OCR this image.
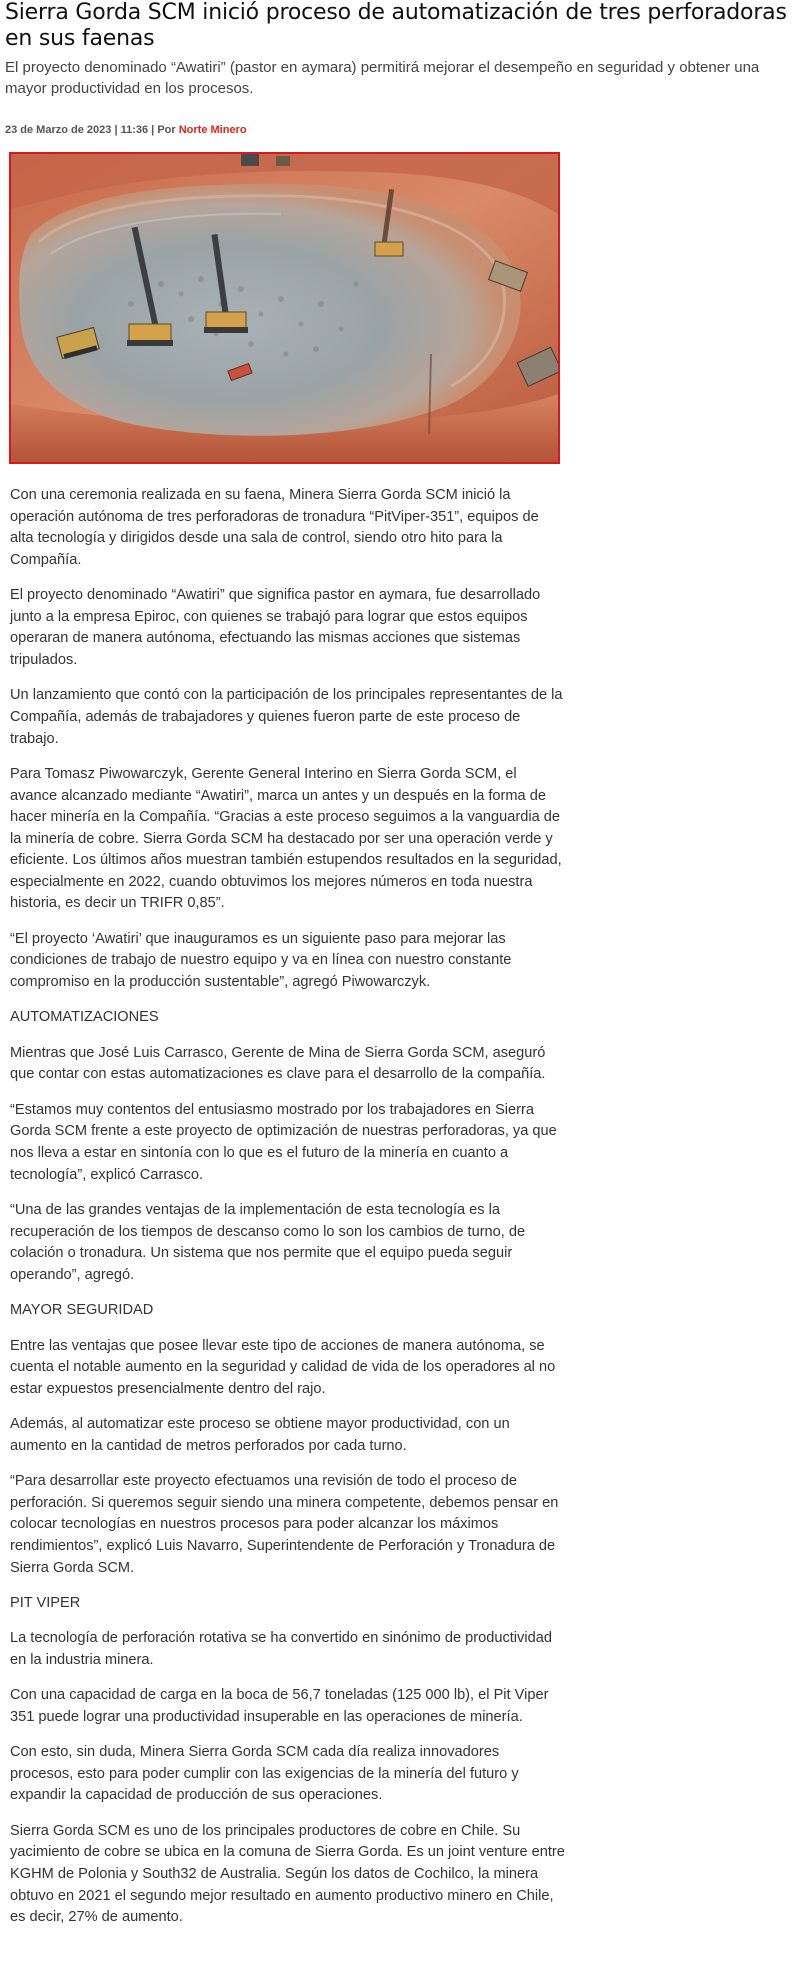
Sierra Gorda SCM inició proceso de automatización de tres perforadoras en sus faenas
El proyecto denominado “Awatiri” (pastor en aymara) permitirá mejorar el desempeño en seguridad y obtener una mayor productividad en los procesos.
23 de Marzo de 2023 | 11:36 | Por Norte Minero

Con una ceremonia realizada en su faena, Minera Sierra Gorda SCM inició la operación autónoma de tres perforadoras de tronadura “PitViper-351”, equipos de alta tecnología y dirigidos desde una sala de control, siendo otro hito para la Compañía.

El proyecto denominado “Awatiri” que significa pastor en aymara, fue desarrollado junto a la empresa Epiroc, con quienes se trabajó para lograr que estos equipos operaran de manera autónoma, efectuando las mismas acciones que sistemas tripulados.

Un lanzamiento que contó con la participación de los principales representantes de la Compañía, además de trabajadores y quienes fueron parte de este proceso de trabajo.

Para Tomasz Piwowarczyk, Gerente General Interino en Sierra Gorda SCM, el avance alcanzado mediante “Awatiri”, marca un antes y un después en la forma de hacer minería en la Compañía. “Gracias a este proceso seguimos a la vanguardia de la minería de cobre. Sierra Gorda SCM ha destacado por ser una operación verde y eficiente. Los últimos años muestran también estupendos resultados en la seguridad, especialmente en 2022, cuando obtuvimos los mejores números en toda nuestra historia, es decir un TRIFR 0,85”.

“El proyecto ‘Awatiri’ que inauguramos es un siguiente paso para mejorar las condiciones de trabajo de nuestro equipo y va en línea con nuestro constante compromiso en la producción sustentable”, agregó Piwowarczyk.

AUTOMATIZACIONES

Mientras que José Luis Carrasco, Gerente de Mina de Sierra Gorda SCM, aseguró que contar con estas automatizaciones es clave para el desarrollo de la compañía.

“Estamos muy contentos del entusiasmo mostrado por los trabajadores en Sierra Gorda SCM frente a este proyecto de optimización de nuestras perforadoras, ya que nos lleva a estar en sintonía con lo que es el futuro de la minería en cuanto a tecnología”, explicó Carrasco.

“Una de las grandes ventajas de la implementación de esta tecnología es la recuperación de los tiempos de descanso como lo son los cambios de turno, de colación o tronadura. Un sistema que nos permite que el equipo pueda seguir operando”, agregó.

MAYOR SEGURIDAD

Entre las ventajas que posee llevar este tipo de acciones de manera autónoma, se cuenta el notable aumento en la seguridad y calidad de vida de los operadores al no estar expuestos presencialmente dentro del rajo.

Además, al automatizar este proceso se obtiene mayor productividad, con un aumento en la cantidad de metros perforados por cada turno.

“Para desarrollar este proyecto efectuamos una revisión de todo el proceso de perforación. Si queremos seguir siendo una minera competente, debemos pensar en colocar tecnologías en nuestros procesos para poder alcanzar los máximos rendimientos”, explicó Luis Navarro, Superintendente de Perforación y Tronadura de Sierra Gorda SCM.

PIT VIPER

La tecnología de perforación rotativa se ha convertido en sinónimo de productividad en la industria minera.

Con una capacidad de carga en la boca de 56,7 toneladas (125 000 lb), el Pit Viper 351 puede lograr una productividad insuperable en las operaciones de minería.

Con esto, sin duda, Minera Sierra Gorda SCM cada día realiza innovadores procesos, esto para poder cumplir con las exigencias de la minería del futuro y expandir la capacidad de producción de sus operaciones.

Sierra Gorda SCM es uno de los principales productores de cobre en Chile. Su yacimiento de cobre se ubica en la comuna de Sierra Gorda. Es un joint venture entre KGHM de Polonia y South32 de Australia. Según los datos de Cochilco, la minera obtuvo en 2021 el segundo mejor resultado en aumento productivo minero en Chile, es decir, 27% de aumento.
